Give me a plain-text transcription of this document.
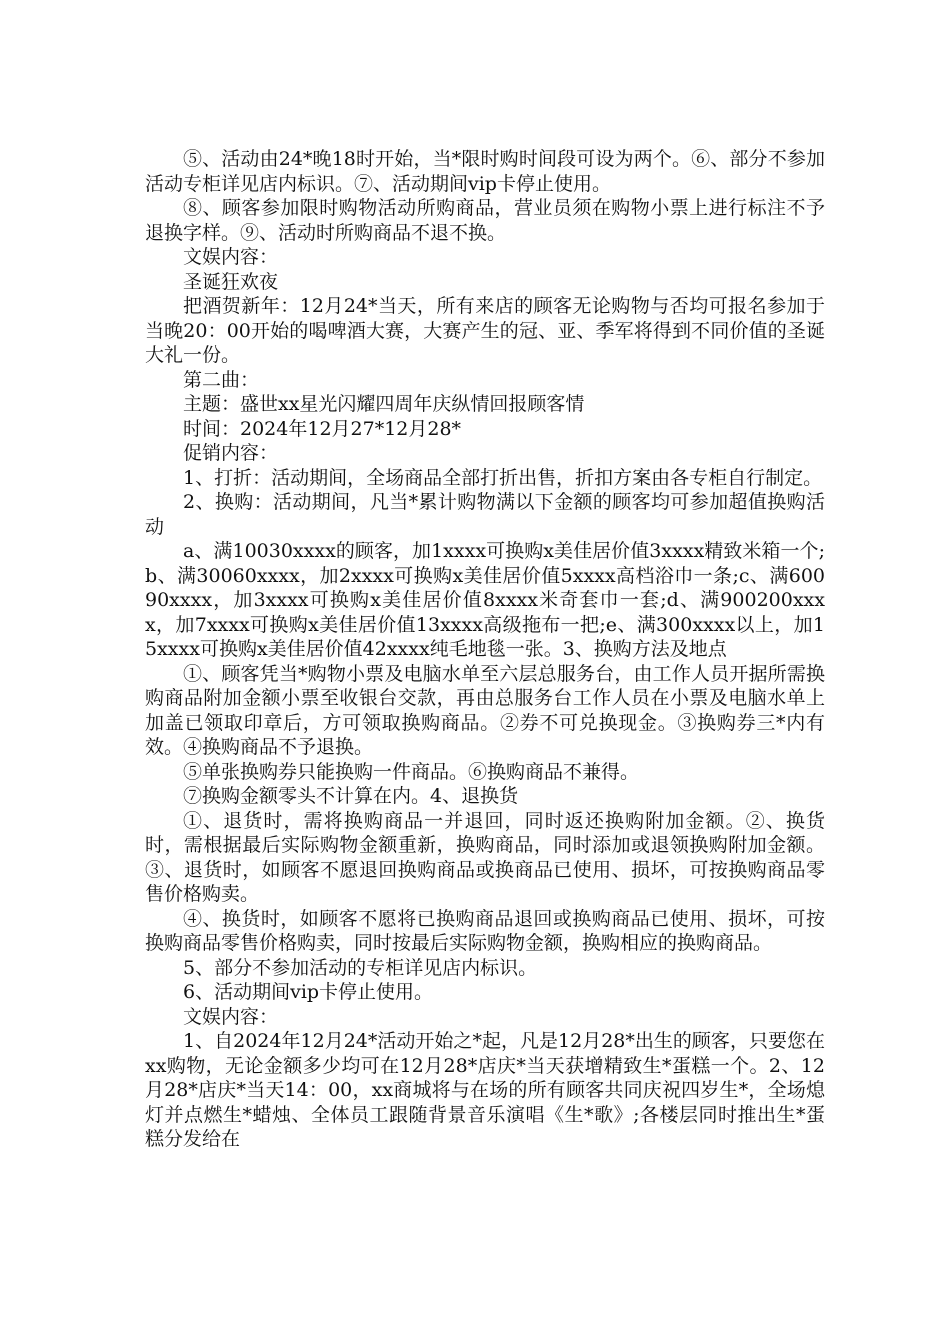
⑤、活动由24*晚18时开始，当*限时购时间段可设为两个。⑥、部分不参加活动专柜详见店内标识。⑦、活动期间vip卡停止使用。

⑧、顾客参加限时购物活动所购商品，营业员须在购物小票上进行标注不予退换字样。⑨、活动时所购商品不退不换。

文娱内容：

圣诞狂欢夜

把酒贺新年：12月24*当天，所有来店的顾客无论购物与否均可报名参加于当晚20：00开始的喝啤酒大赛，大赛产生的冠、亚、季军将得到不同价值的圣诞大礼一份。

第二曲：

主题：盛世xx星光闪耀四周年庆纵情回报顾客情

时间：2024年12月27*12月28*

促销内容：

1、打折：活动期间，全场商品全部打折出售，折扣方案由各专柜自行制定。

2、换购：活动期间，凡当*累计购物满以下金额的顾客均可参加超值换购活动

a、满10030xxxx的顾客，加1xxxx可换购x美佳居价值3xxxx精致米箱一个;b、满30060xxxx，加2xxxx可换购x美佳居价值5xxxx高档浴巾一条;c、满60090xxxx，加3xxxx可换购x美佳居价值8xxxx米奇套巾一套;d、满900200xxxx，加7xxxx可换购x美佳居价值13xxxx高级拖布一把;e、满300xxxx以上，加15xxxx可换购x美佳居价值42xxxx纯毛地毯一张。3、换购方法及地点

①、顾客凭当*购物小票及电脑水单至六层总服务台，由工作人员开据所需换购商品附加金额小票至收银台交款，再由总服务台工作人员在小票及电脑水单上加盖已领取印章后，方可领取换购商品。②券不可兑换现金。③换购券三*内有效。④换购商品不予退换。

⑤单张换购券只能换购一件商品。⑥换购商品不兼得。

⑦换购金额零头不计算在内。4、退换货

①、退货时，需将换购商品一并退回，同时返还换购附加金额。②、换货时，需根据最后实际购物金额重新，换购商品，同时添加或退领换购附加金额。③、退货时，如顾客不愿退回换购商品或换商品已使用、损坏，可按换购商品零售价格购卖。

④、换货时，如顾客不愿将已换购商品退回或换购商品已使用、损坏，可按换购商品零售价格购卖，同时按最后实际购物金额，换购相应的换购商品。

5、部分不参加活动的专柜详见店内标识。

6、活动期间vip卡停止使用。

文娱内容：

1、自2024年12月24*活动开始之*起，凡是12月28*出生的顾客，只要您在xx购物，无论金额多少均可在12月28*店庆*当天获增精致生*蛋糕一个。2、12月28*店庆*当天14：00，xx商城将与在场的所有顾客共同庆祝四岁生*，全场熄灯并点燃生*蜡烛、全体员工跟随背景音乐演唱《生*歌》;各楼层同时推出生*蛋糕分发给在
